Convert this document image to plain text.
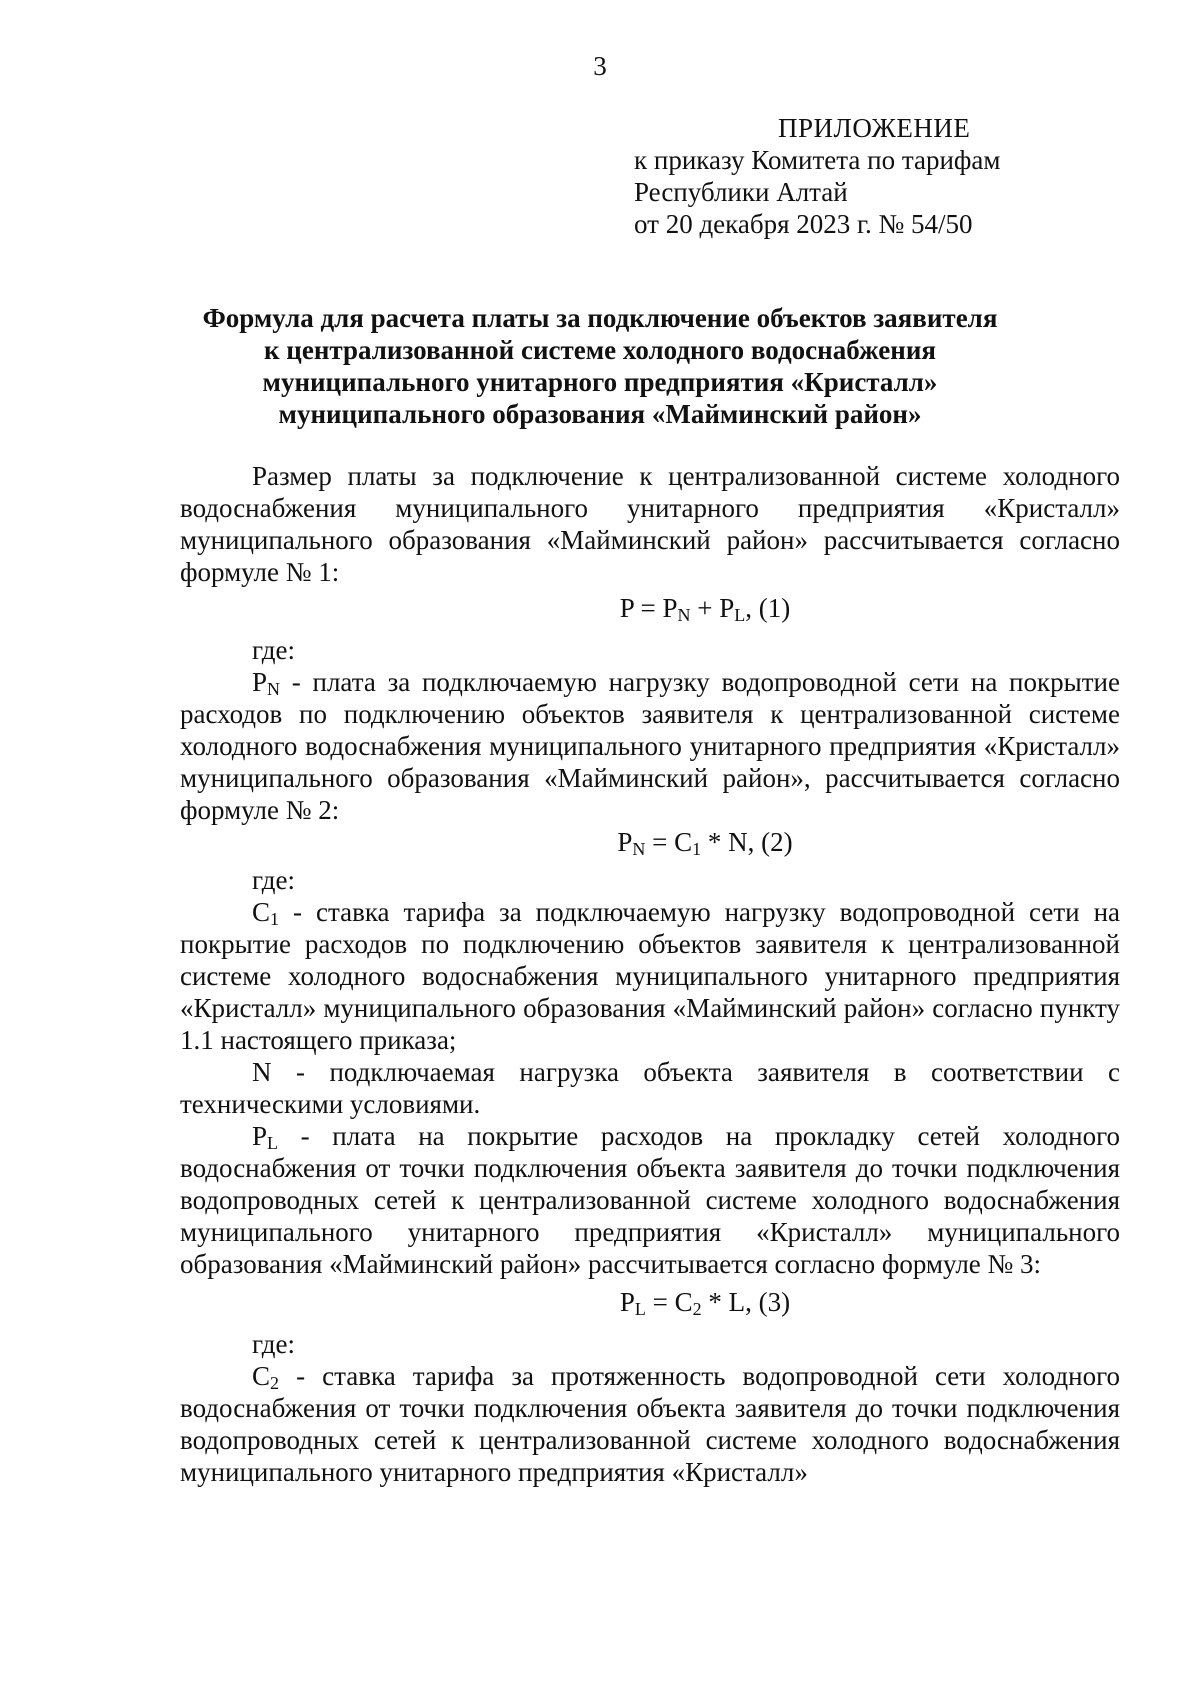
3
ПРИЛОЖЕНИЕ
к приказу Комитета по тарифам
Республики Алтай
от 20 декабря 2023 г. № 54/50
Формула для расчета платы за подключение объектов заявителя
к централизованной системе холодного водоснабжения
муниципального унитарного предприятия «Кристалл»
муниципального образования «Майминский район»

Размер платы за подключение к централизованной системе холодного водоснабжения муниципального унитарного предприятия «Кристалл» муниципального образования «Майминский район» рассчитывается согласно формуле № 1:

$P = P_N + P_L$, (1)

где:

$P_N$ - плата за подключаемую нагрузку водопроводной сети на покрытие расходов по подключению объектов заявителя к централизованной системе холодного водоснабжения муниципального унитарного предприятия «Кристалл» муниципального образования «Майминский район», рассчитывается согласно формуле № 2:

$P_N = C_1 * N$, (2)

где:

$C_1$ - ставка тарифа за подключаемую нагрузку водопроводной сети на покрытие расходов по подключению объектов заявителя к централизованной системе холодного водоснабжения муниципального унитарного предприятия «Кристалл» муниципального образования «Майминский район» согласно пункту 1.1 настоящего приказа;

N - подключаемая нагрузка объекта заявителя в соответствии с техническими условиями.

$P_L$ - плата на покрытие расходов на прокладку сетей холодного водоснабжения от точки подключения объекта заявителя до точки подключения водопроводных сетей к централизованной системе холодного водоснабжения муниципального унитарного предприятия «Кристалл» муниципального образования «Майминский район» рассчитывается согласно формуле № 3:

$P_L = C_2 * L$, (3)

где:

$C_2$ - ставка тарифа за протяженность водопроводной сети холодного водоснабжения от точки подключения объекта заявителя до точки подключения водопроводных сетей к централизованной системе холодного водоснабжения муниципального унитарного предприятия «Кристалл»
